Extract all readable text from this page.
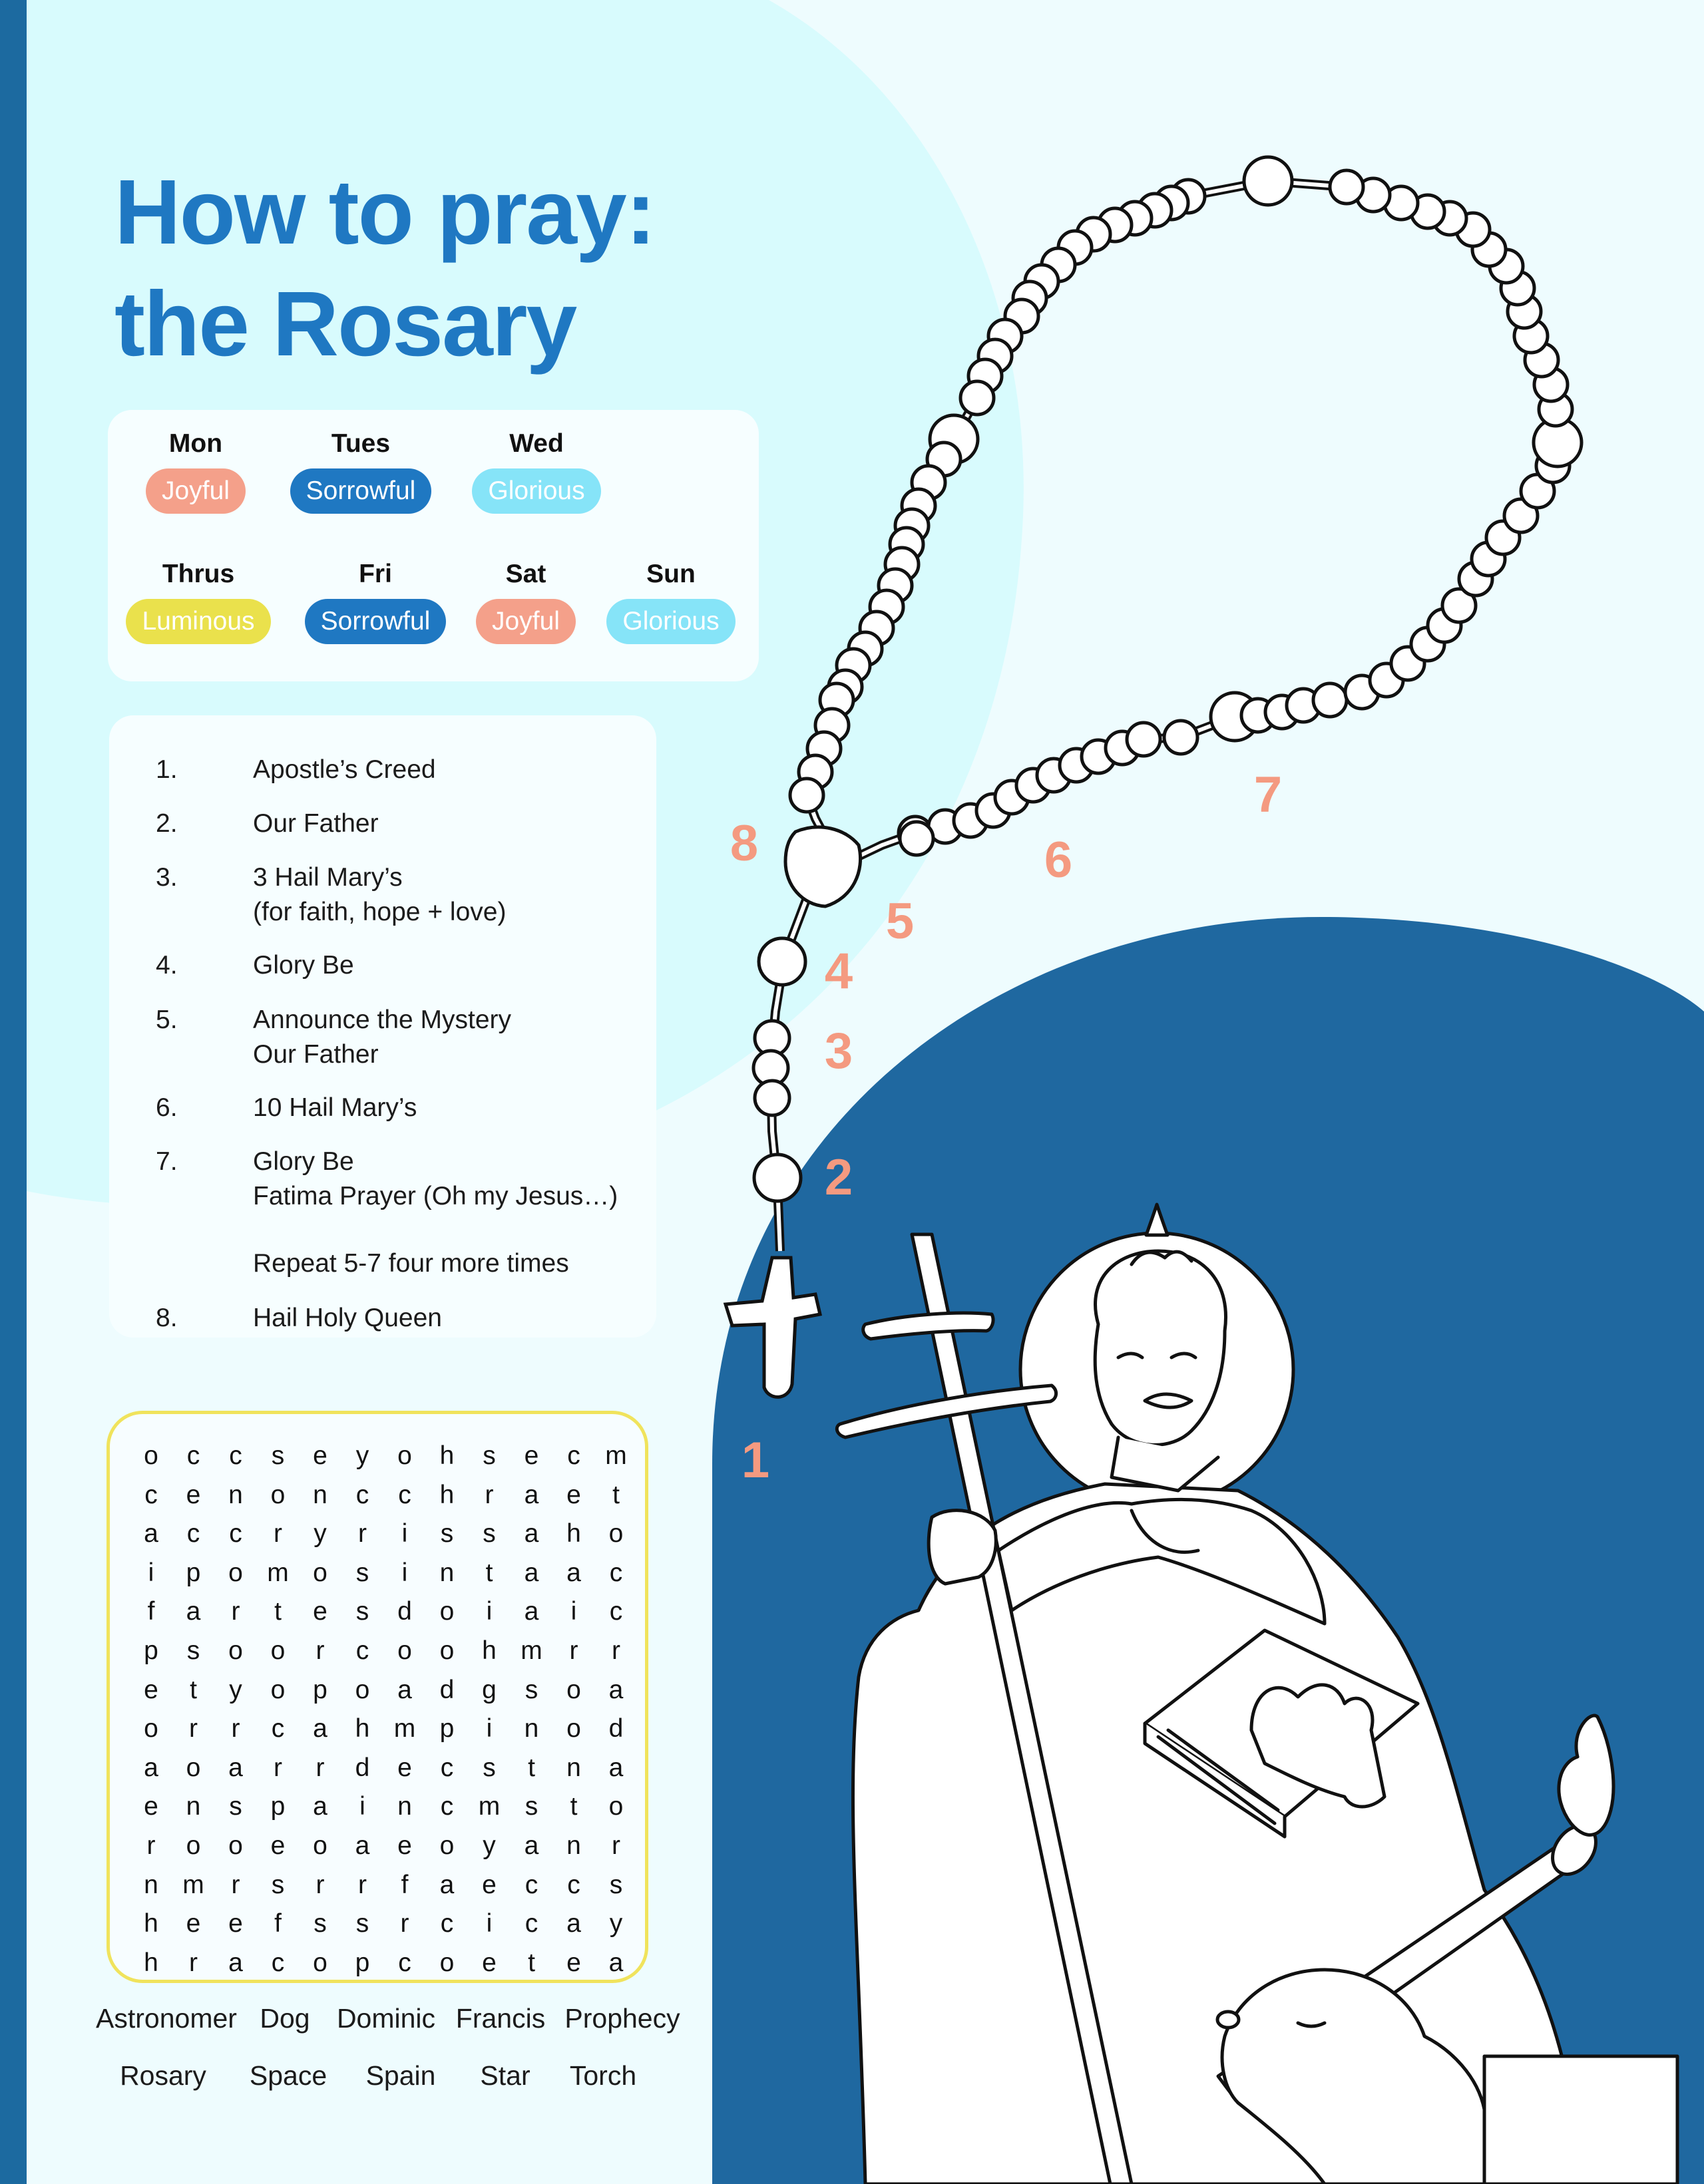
How to pray:
the Rosary
Mon
Joyful
Tues
Sorrowful
Wed
Glorious
Thrus
Luminous
Fri
Sorrowful
Sat
Joyful
Sun
Glorious
1.	Apostle’s Creed
2.	Our Father
3.	3 Hail Mary’s
(for faith, hope + love)
4.	Glory Be
5.	Announce the Mystery
Our Father
6.	10 Hail Mary’s
7.	Glory Be
Fatima Prayer (Oh my Jesus…)
Repeat 5-7 four more times
8.	Hail Holy Queen
o	c	c	s	e	y	o	h	s	e	c m
c	e	n	o	n	c	c	h	r	a	e	t
a	c	c	r	y	r	i	s	s	a	h	o
i	p	o m o	s	i	n	t	a	a	c
f	a	r	t	e	s	d	o	i	a	i	c
p	s	o	o	r	c	o	o	h m	r	r
e	t	y	o	p	o	a	d	g	s	o	a
o	r	r	c	a	h m p	i	n	o	d
a	o	a	r	r	d	e	c	s	t	n	a
e	n	s	p	a	i	n	c m s	t	o
r	o	o	e	o	a	e	o	y	a	n	r
n m	r	s	r	r	f	a	e	c	c	s
h	e	e	f	s	s	r	c	i	c	a	y
h	r	a	c	o	p	c	o	e	t	e	a
Astronomer Dog Dominic Francis Prophecy
Rosary Space Spain Star Torch
1
2
3
4
5
6
7
8
